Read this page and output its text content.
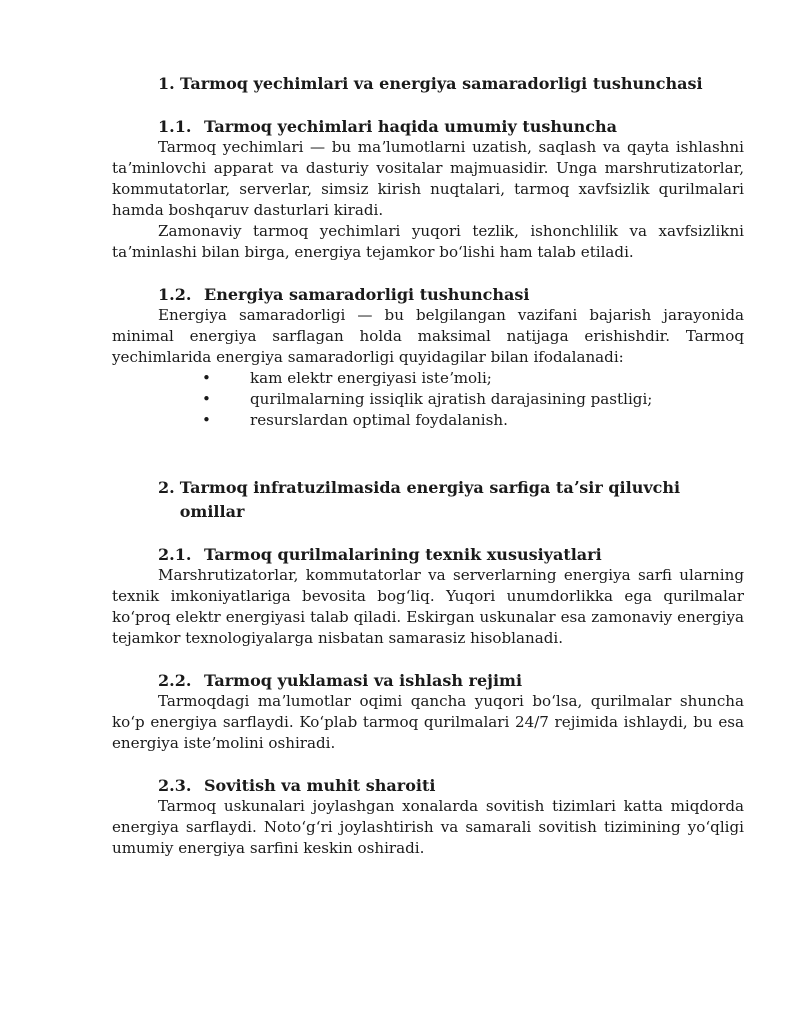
1. Tarmoq yechimlari va energiya samaradorligi tushunchasi
1.1. Tarmoq yechimlari haqida umumiy tushuncha

Tarmoq yechimlari — bu maʼlumotlarni uzatish, saqlash va qayta ishlashni taʼminlovchi apparat va dasturiy vositalar majmuasidir. Unga marshrutizatorlar, kommutatorlar, serverlar, simsiz kirish nuqtalari, tarmoq xavfsizlik qurilmalari hamda boshqaruv dasturlari kiradi.

Zamonaviy tarmoq yechimlari yuqori tezlik, ishonchlilik va xavfsizlikni taʼminlashi bilan birga, energiya tejamkor boʻlishi ham talab etiladi.

1.2. Energiya samaradorligi tushunchasi

Energiya samaradorligi — bu belgilangan vazifani bajarish jarayonida minimal energiya sarflagan holda maksimal natijaga erishishdir. Tarmoq yechimlarida energiya samaradorligi quyidagilar bilan ifodalanadi:

•	kam elektr energiyasi isteʼmoli;
•	qurilmalarning issiqlik ajratish darajasining pastligi;
•	resurslardan optimal foydalanish.
2. Tarmoq infratuzilmasida energiya sarfiga taʼsir qiluvchi omillar
2.1. Tarmoq qurilmalarining texnik xususiyatlari

Marshrutizatorlar, kommutatorlar va serverlarning energiya sarfi ularning texnik imkoniyatlariga bevosita bogʻliq. Yuqori unumdorlikka ega qurilmalar koʻproq elektr energiyasi talab qiladi. Eskirgan uskunalar esa zamonaviy energiya tejamkor texnologiyalarga nisbatan samarasiz hisoblanadi.

2.2. Tarmoq yuklamasi va ishlash rejimi

Tarmoqdagi maʼlumotlar oqimi qancha yuqori boʻlsa, qurilmalar shuncha koʻp energiya sarflaydi. Koʻplab tarmoq qurilmalari 24/7 rejimida ishlaydi, bu esa energiya isteʼmolini oshiradi.

2.3. Sovitish va muhit sharoiti

Tarmoq uskunalari joylashgan xonalarda sovitish tizimlari katta miqdorda energiya sarflaydi. Notoʻgʻri joylashtirish va samarali sovitish tizimining yoʻqligi umumiy energiya sarfini keskin oshiradi.
